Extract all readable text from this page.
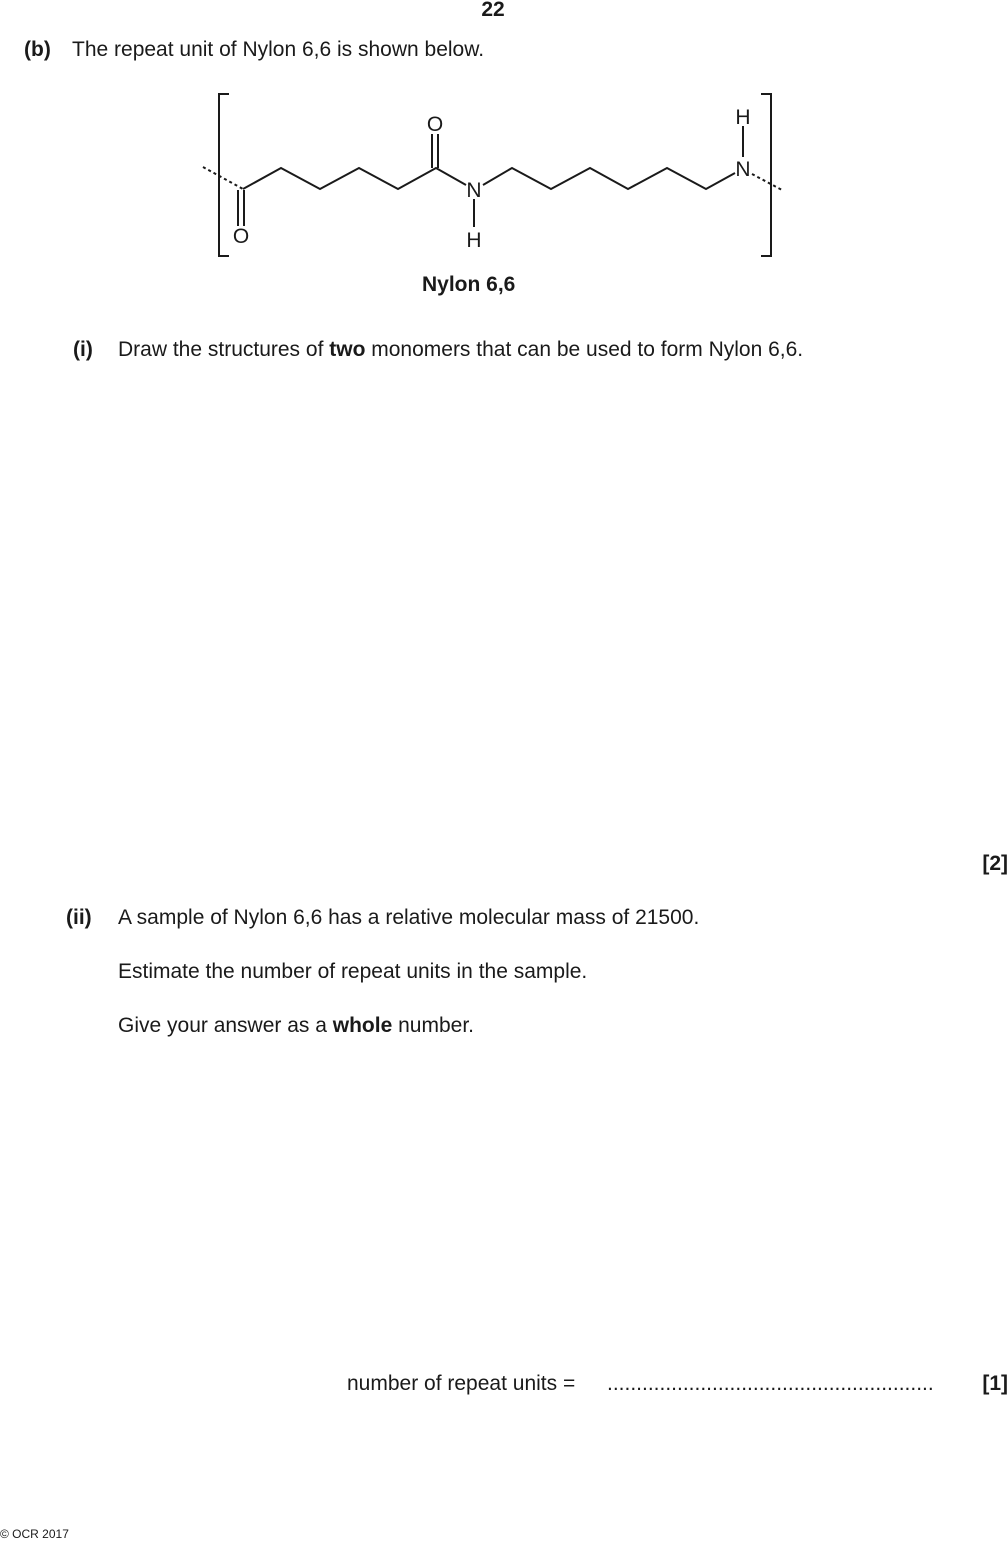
22
(b) The repeat unit of Nylon 6,6 is shown below.
O
O
N
H
H
N
Nylon 6,6
(i) Draw the structures of two monomers that can be used to form Nylon 6,6.
[2]
(ii) A sample of Nylon 6,6 has a relative molecular mass of 21500.
Estimate the number of repeat units in the sample.
Give your answer as a whole number.
number of repeat units = ........................................................ [1]
© OCR 2017
